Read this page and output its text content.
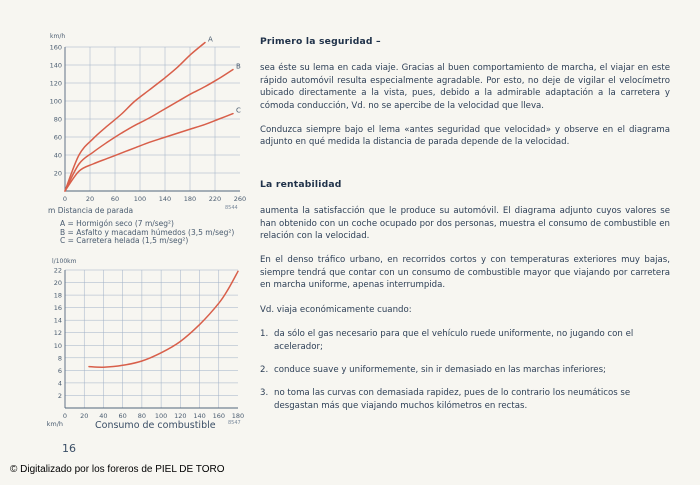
20
40
60
80
100
120
140
160
0	20	60 100 140 180 220 260
A
B
C
km/h
m Distancia de parada	8544
A = Hormigón seco (7 m/seg²)
B = Asfalto y macadam húmedos (3,5 m/seg²)
C = Carretera helada (1,5 m/seg²)
2
4
6
8
10
12
14
16
18
20
22
0 20 40 60 80 100 120 140 160 180
l/100km
km/h	Consumo de combustible 8547
16
Primero la seguridad –

sea éste su lema en cada viaje. Gracias al buen comportamiento de marcha, el viajar en este rápido automóvil resulta especialmente agradable. Por esto, no deje de vigilar el velocímetro ubicado directamente a la vista, pues, debido a la admirable adaptación a la carretera y cómoda conducción, Vd. no se apercibe de la velocidad que lleva.

Conduzca siempre bajo el lema «antes seguridad que velocidad» y observe en el diagrama adjunto en qué medida la distancia de parada depende de la velocidad.

La rentabilidad

aumenta la satisfacción que le produce su automóvil. El diagrama adjunto cuyos valores se han obtenido con un coche ocupado por dos personas, muestra el consumo de combustible en relación con la velocidad.

En el denso tráfico urbano, en recorridos cortos y con temperaturas exteriores muy bajas, siempre tendrá que contar con un consumo de combustible mayor que viajando por carretera en marcha uniforme, apenas interrumpida.

Vd. viaja económicamente cuando:

1. da sólo el gas necesario para que el vehículo ruede uniformente, no jugando con el acelerador;
2. conduce suave y uniformemente, sin ir demasiado en las marchas inferiores;
3. no toma las curvas con demasiada rapidez, pues de lo contrario los neumáticos se desgastan más que viajando muchos kilómetros en rectas.
© Digitalizado por los foreros de PIEL DE TORO
